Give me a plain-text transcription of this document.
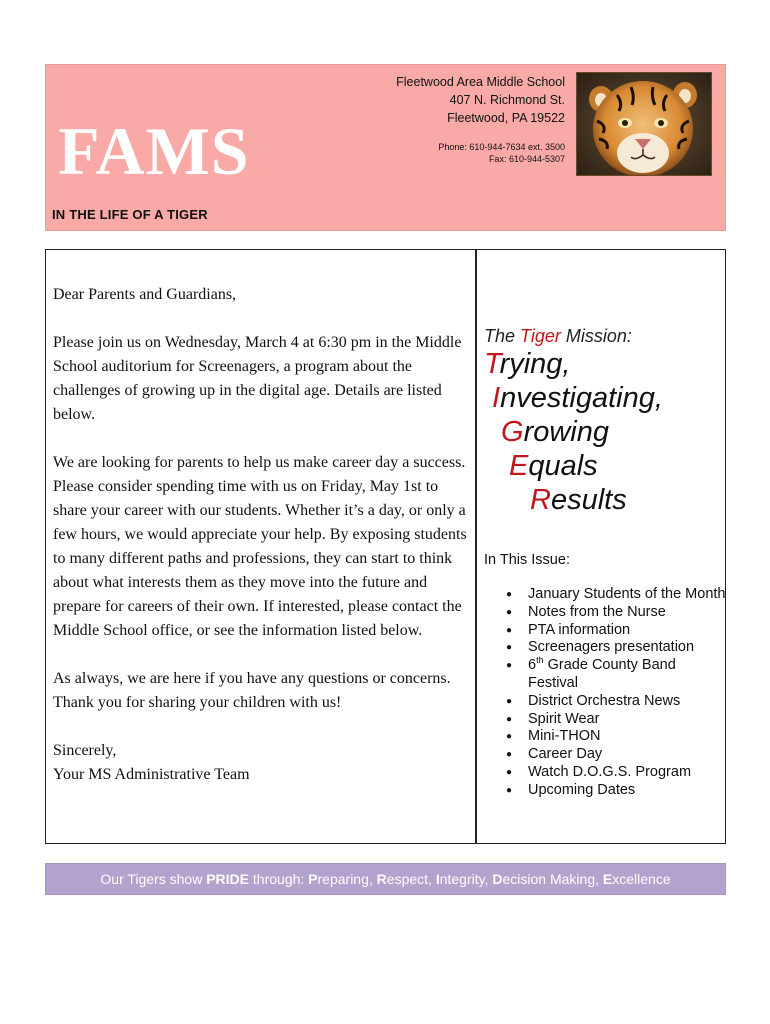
FAMS
Fleetwood Area Middle School
407 N. Richmond St.
Fleetwood, PA 19522
Phone: 610-944-7634 ext. 3500
Fax: 610-944-5307
IN THE LIFE OF A TIGER

Dear Parents and Guardians,

Please join us on Wednesday, March 4 at 6:30 pm in the Middle School auditorium for Screenagers, a program about the challenges of growing up in the digital age. Details are listed below.

We are looking for parents to help us make career day a success. Please consider spending time with us on Friday, May 1st to share your career with our students. Whether it’s a day, or only a few hours, we would appreciate your help. By exposing students to many different paths and professions, they can start to think about what interests them as they move into the future and prepare for careers of their own. If interested, please contact the Middle School office, or see the information listed below.

As always, we are here if you have any questions or concerns. Thank you for sharing your children with us!

Sincerely,

Your MS Administrative Team

The Tiger Mission:
Trying,
Investigating,
Growing
Equals
Results
In This Issue:
● January Students of the Month
● Notes from the Nurse
● PTA information
● Screenagers presentation
● 6th Grade County Band Festival
● District Orchestra News
● Spirit Wear
● Mini-THON
● Career Day
● Watch D.O.G.S. Program
● Upcoming Dates
Our Tigers show PRIDE through: Preparing, Respect, Integrity, Decision Making, Excellence
